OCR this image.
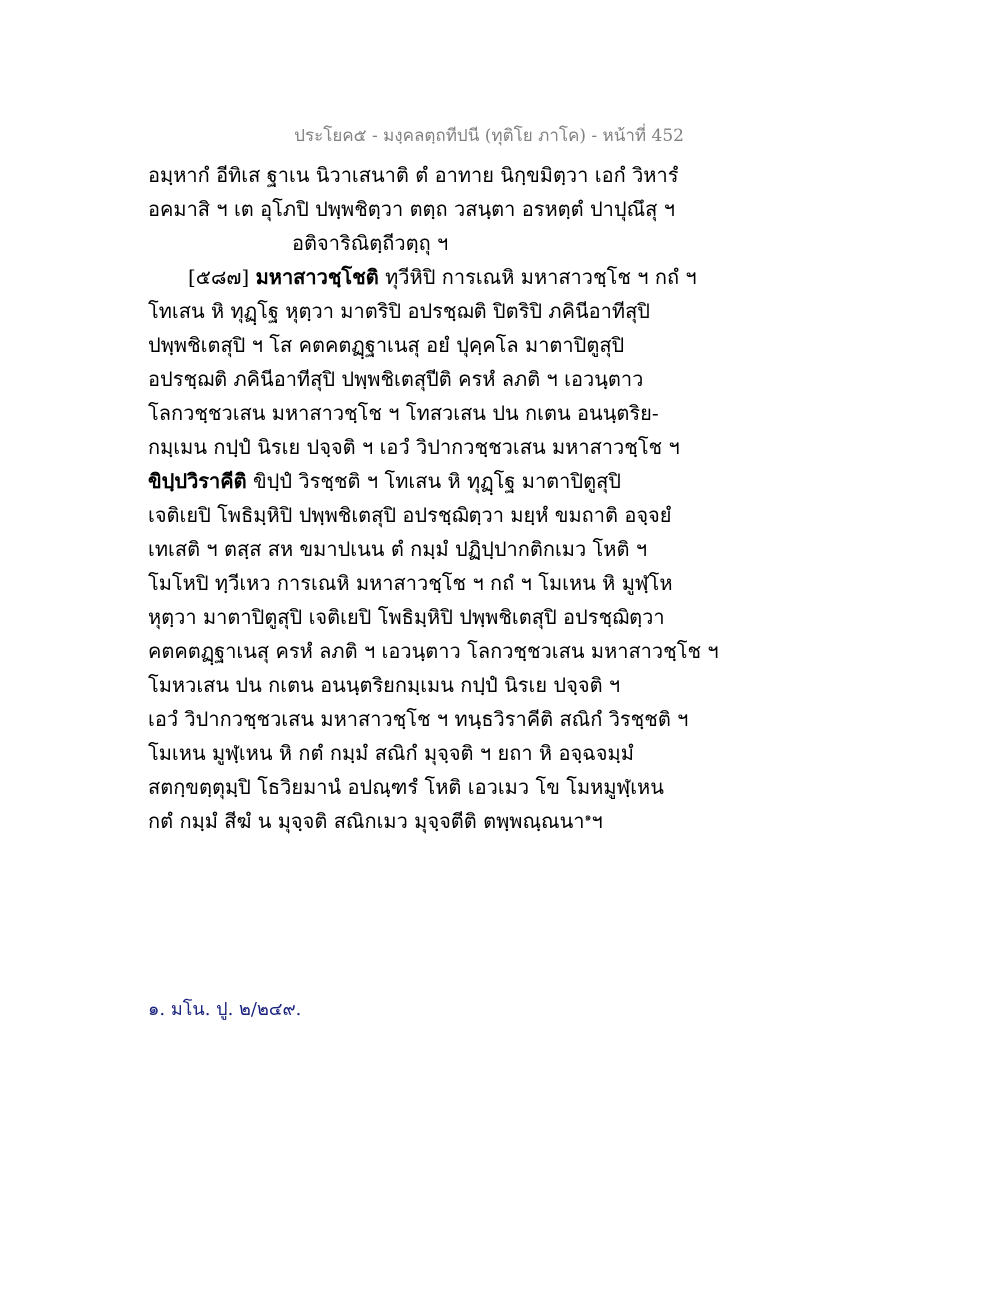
ประโยค๕ - มงฺคลตฺถทีปนี (ทุติโย ภาโค) - หน้าที่ 452
อมฺหากํ อีทิเส ฐาเน นิวาเสนาติ ตํ อาทาย นิกฺขมิตฺวา เอกํ วิหารํ
อคมาสิ ฯ เต อุโภปิ ปพฺพชิตฺวา ตตฺถ วสนฺตา อรหตฺตํ ปาปุณึสุ ฯ
อติจาริณิตฺถีวตฺถุ ฯ
[๕๘๗] มหาสาวชฺโชติ ทุวีหิปิ การเณหิ มหาสาวชฺโช ฯ กถํ ฯ
โทเสน หิ ทุฏฺโฐ หุตฺวา มาตริปิ อปรชฺฌติ ปิตริปิ ภคินีอาทีสุปิ
ปพฺพชิเตสุปิ ฯ โส คตคตฏฺฐาเนสุ อยํ ปุคฺคโล มาตาปิตูสุปิ
อปรชฺฌติ ภคินีอาทีสุปิ ปพฺพชิเตสุปีติ ครหํ ลภติ ฯ เอวนฺตาว
โลกวชฺชวเสน มหาสาวชฺโช ฯ โทสวเสน ปน กเตน อนนฺตริย-
กมฺเมน กปฺปํ นิรเย ปจฺจติ ฯ เอวํ วิปากวชฺชวเสน มหาสาวชฺโช ฯ
ขิปฺปวิราคีติ ขิปฺปํ วิรชฺชติ ฯ โทเสน หิ ทุฏฺโฐ มาตาปิตูสุปิ
เจติเยปิ โพธิมฺหิปิ ปพฺพชิเตสุปิ อปรชฺฌิตฺวา มยฺหํ ขมถาติ อจฺจยํ
เทเสติ ฯ ตสฺส สห ขมาปเนน ตํ กมฺมํ ปฏิปฺปากติกเมว โหติ ฯ
โมโหปิ ทฺวีเหว การเณหิ มหาสาวชฺโช ฯ กถํ ฯ โมเหน หิ มูฬฺโห
หุตฺวา มาตาปิตูสุปิ เจติเยปิ โพธิมฺหิปิ ปพฺพชิเตสุปิ อปรชฺฌิตฺวา
คตคตฏฺฐาเนสุ ครหํ ลภติ ฯ เอวนฺตาว โลกวชฺชวเสน มหาสาวชฺโช ฯ
โมหวเสน ปน กเตน อนนฺตริยกมฺเมน กปฺปํ นิรเย ปจฺจติ ฯ
เอวํ วิปากวชฺชวเสน มหาสาวชฺโช ฯ ทนฺธวิราคีติ สณิกํ วิรชฺชติ ฯ
โมเหน มูฬฺเหน หิ กตํ กมฺมํ สณิกํ มุจฺจติ ฯ ยถา หิ อจฺฉจมฺมํ
สตกฺขตฺตุมฺปิ โธวิยมานํ อปณฺฑรํ โหติ เอวเมว โข โมหมูฬฺเหน
กตํ กมฺมํ สีฆํ น มุจฺจติ สณิกเมว มุจฺจตีติ ตพฺพณฺณนา$^๑$ฯ
๑. มโน. ปู. ๒/๒๔๙.
